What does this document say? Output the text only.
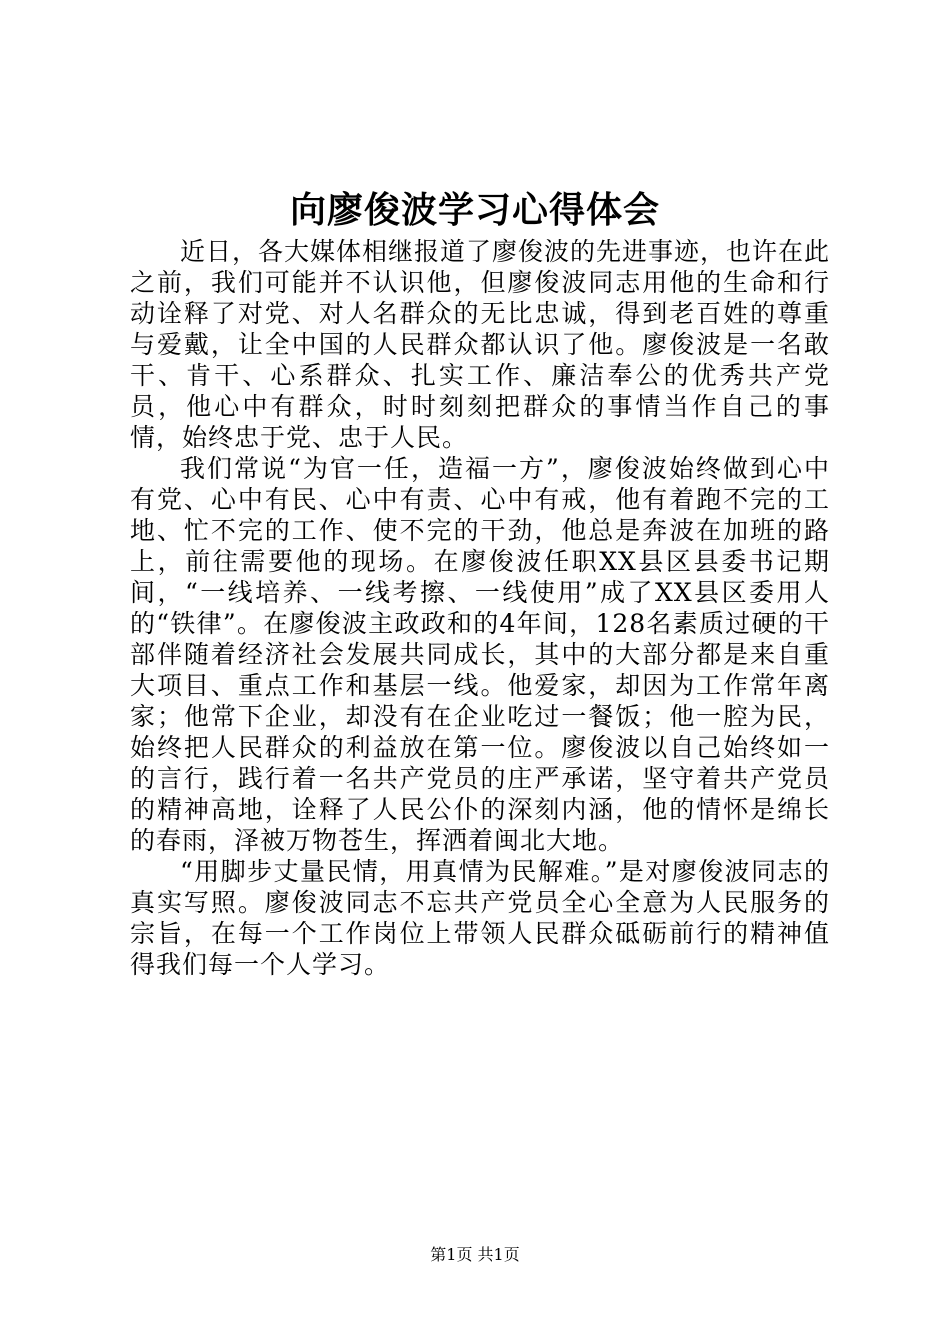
向廖俊波学习心得体会

近日，各大媒体相继报道了廖俊波的先进事迹，也许在此之前，我们可能并不认识他，但廖俊波同志用他的生命和行动诠释了对党、对人名群众的无比忠诚，得到老百姓的尊重与爱戴，让全中国的人民群众都认识了他。廖俊波是一名敢干、肯干、心系群众、扎实工作、廉洁奉公的优秀共产党员，他心中有群众，时时刻刻把群众的事情当作自己的事情，始终忠于党、忠于人民。

我们常说“为官一任，造福一方”，廖俊波始终做到心中有党、心中有民、心中有责、心中有戒，他有着跑不完的工地、忙不完的工作、使不完的干劲，他总是奔波在加班的路上，前往需要他的现场。在廖俊波任职XX县区县委书记期间，“一线培养、一线考擦、一线使用”成了XX县区委用人的“铁律”。在廖俊波主政政和的4年间，128名素质过硬的干部伴随着经济社会发展共同成长，其中的大部分都是来自重大项目、重点工作和基层一线。他爱家，却因为工作常年离家；他常下企业，却没有在企业吃过一餐饭；他一腔为民，始终把人民群众的利益放在第一位。廖俊波以自己始终如一的言行，践行着一名共产党员的庄严承诺，坚守着共产党员的精神高地，诠释了人民公仆的深刻内涵，他的情怀是绵长的春雨，泽被万物苍生，挥洒着闽北大地。

“用脚步丈量民情，用真情为民解难。”是对廖俊波同志的真实写照。廖俊波同志不忘共产党员全心全意为人民服务的宗旨，在每一个工作岗位上带领人民群众砥砺前行的精神值得我们每一个人学习。

第1页 共1页
